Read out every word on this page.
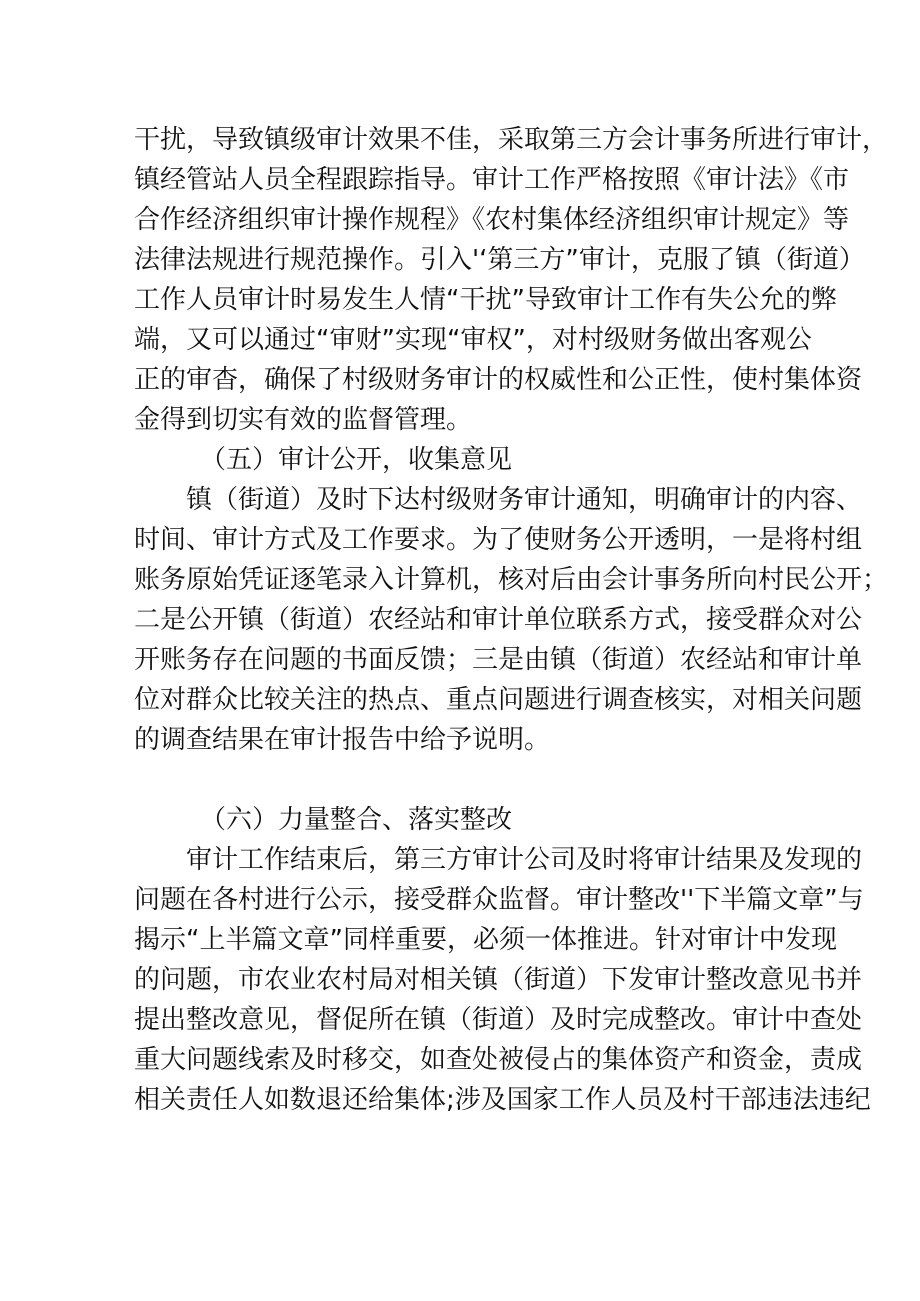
干扰，导致镇级审计效果不佳，采取第三方会计事务所进行审计，
镇经管站人员全程跟踪指导。审计工作严格按照《审计法》《市
合作经济组织审计操作规程》《农村集体经济组织审计规定》等
法律法规进行规范操作。引入'‘第三方”审计，克服了镇（街道）
工作人员审计时易发生人情“干扰”导致审计工作有失公允的弊
端，又可以通过“审财”实现“审权”，对村级财务做出客观公
正的审杳，确保了村级财务审计的权威性和公正性，使村集体资
金得到切实有效的监督管理。
（五）审计公开，收集意见
镇（街道）及时下达村级财务审计通知，明确审计的内容、
时间、审计方式及工作要求。为了使财务公开透明，一是将村组
账务原始凭证逐笔录入计算机，核对后由会计事务所向村民公开；
二是公开镇（街道）农经站和审计单位联系方式，接受群众对公
开账务存在问题的书面反馈；三是由镇（街道）农经站和审计单
位对群众比较关注的热点、重点问题进行调查核实，对相关问题
的调查结果在审计报告中给予说明。
（六）力量整合、落实整改
审计工作结束后，第三方审计公司及时将审计结果及发现的
问题在各村进行公示，接受群众监督。审计整改''下半篇文章”与
揭示“上半篇文章”同样重要，必须一体推进。针对审计中发现
的问题，市农业农村局对相关镇（街道）下发审计整改意见书并
提出整改意见，督促所在镇（街道）及时完成整改。审计中查处
重大问题线索及时移交，如查处被侵占的集体资产和资金，责成
相关责任人如数退还给集体;涉及国家工作人员及村干部违法违纪
